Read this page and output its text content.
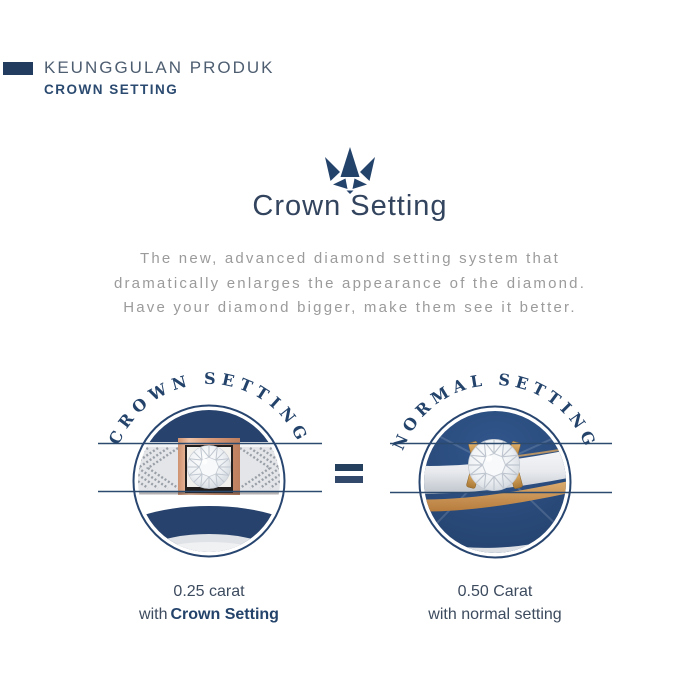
KEUNGGULAN PRODUK
CROWN SETTING
Crown Setting
The new, advanced diamond setting system that
dramatically enlarges the appearance of the diamond.
Have your diamond bigger, make them see it better.
CROWN SETTING	NORMAL SETTING
0.25 carat
with Crown Setting
0.50 Carat
with normal setting
